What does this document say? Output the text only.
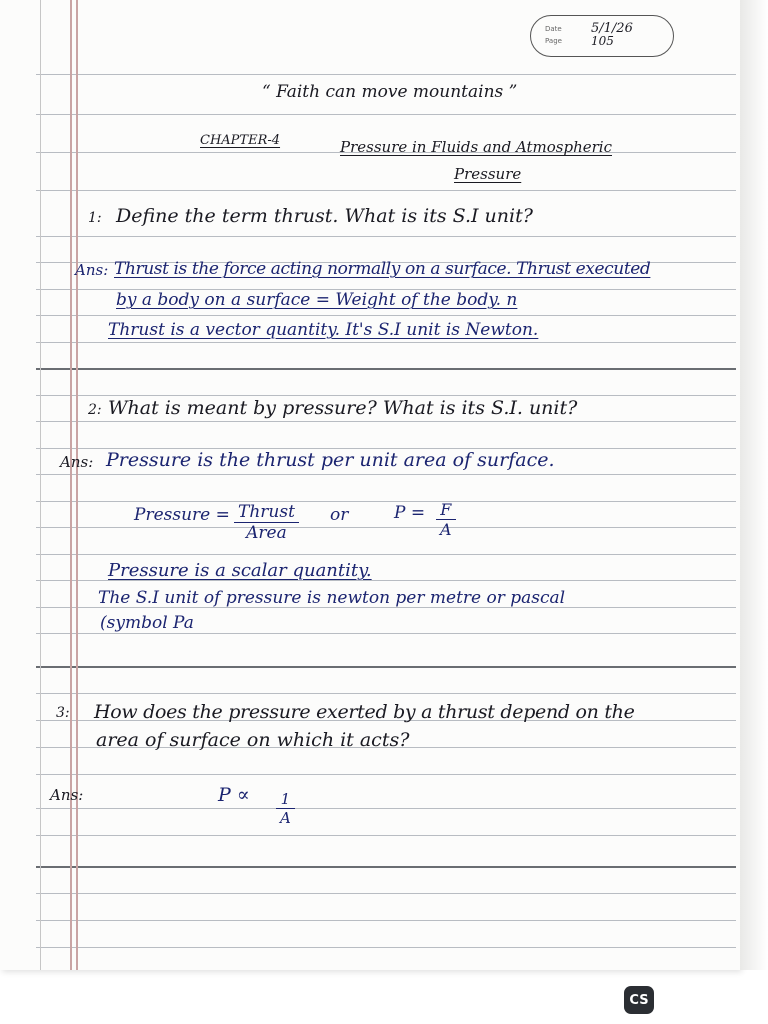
Date
Page
5/1/26
105
“ Faith can move mountains ”
CHAPTER-4	Pressure in Fluids and Atmospheric
Pressure
1: Define the term thrust. What is its S.I unit?
Ans: Thrust is the force acting normally on a surface. Thrust executed
by a body on a surface = Weight of the body. n
Thrust is a vector quantity. It's S.I unit is Newton.
2: What is meant by pressure? What is its S.I. unit?
Ans: Pressure is the thrust per unit area of surface.
Pressure = Thrust
Area
or	$P = \frac{F}{A}$
Pressure is a scalar quantity.
The S.I unit of pressure is newton per metre or pascal
(symbol Pa
3: How does the pressure exerted by a thrust depend on the
area of surface on which it acts?
Ans:	$P \propto \frac{1}{A}$
CS
